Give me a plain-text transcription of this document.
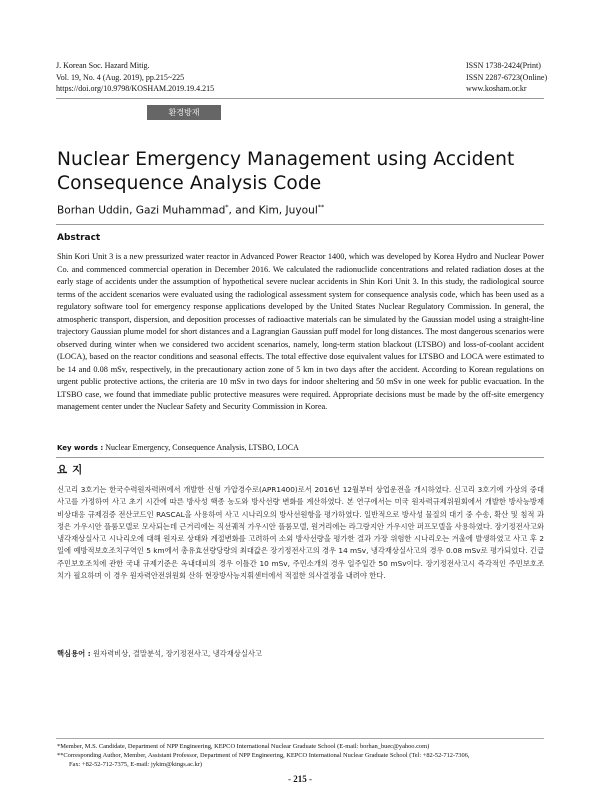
J. Korean Soc. Hazard Mitig.
Vol. 19, No. 4 (Aug. 2019), pp.215~225
https://doi.org/10.9798/KOSHAM.2019.19.4.215
ISSN 1738-2424(Print)
ISSN 2287-6723(Online)
www.kosham.or.kr
환경방재
Nuclear Emergency Management using Accident
Consequence Analysis Code
Borhan Uddin, Gazi Muhammad*, and Kim, Juyoul**
Abstract
Shin Kori Unit 3 is a new pressurized water reactor in Advanced Power Reactor 1400, which was developed by Korea Hydro and Nuclear Power Co. and commenced commercial operation in December 2016. We calculated the radionuclide concentrations and related radiation doses at the early stage of accidents under the assumption of hypothetical severe nuclear accidents in Shin Kori Unit 3. In this study, the radiological source terms of the accident scenarios were evaluated using the radiological assessment system for consequence analysis code, which has been used as a regulatory software tool for emergency response applications developed by the United States Nuclear Regulatory Commission. In general, the atmospheric transport, dispersion, and deposition processes of radioactive materials can be simulated by the Gaussian model using a straight-line trajectory Gaussian plume model for short distances and a Lagrangian Gaussian puff model for long distances. The most dangerous scenarios were observed during winter when we considered two accident scenarios, namely, long-term station blackout (LTSBO) and loss-of-coolant accident (LOCA), based on the reactor conditions and seasonal effects. The total effective dose equivalent values for LTSBO and LOCA were estimated to be 14 and 0.08 mSv, respectively, in the precautionary action zone of 5 km in two days after the accident. According to Korean regulations on urgent public protective actions, the criteria are 10 mSv in two days for indoor sheltering and 50 mSv in one week for public evacuation. In the LTSBO case, we found that immediate public protective measures were required. Appropriate decisions must be made by the off-site emergency management center under the Nuclear Safety and Security Commission in Korea.
Key words : Nuclear Emergency, Consequence Analysis, LTSBO, LOCA
요지
신고리 3호기는 한국수력원자력㈜에서 개발한 신형 가압경수로(APR1400)로서 2016년 12월부터 상업운전을 개시하였다. 신고리 3호기에 가상의 중대사고를 가정하여 사고 초기 시간에 따른 방사성 핵종 농도와 방사선량 변화를 계산하였다. 본 연구에서는 미국 원자력규제위원회에서 개발한 방사능방재 비상대응 규제검증 전산코드인 RASCAL을 사용하여 사고 시나리오의 방사선원항을 평가하였다. 일반적으로 방사성 물질의 대기 중 수송, 확산 및 침적 과정은 가우시안 플룸모델로 모사되는데 근거리에는 직선궤적 가우시안 플룸모델, 원거리에는 라그랑지안 가우시안 퍼프모델을 사용하였다. 장기정전사고와 냉각재상실사고 시나리오에 대해 원자로 상태와 계절변화를 고려하여 소외 방사선량을 평가한 결과 가장 위험한 시나리오는 겨울에 발생하였고 사고 후 2일에 예방적보호조치구역인 5 km에서 총유효선량당량의 최대값은 장기정전사고의 경우 14 mSv, 냉각재상실사고의 경우 0.08 mSv로 평가되었다. 긴급주민보호조치에 관한 국내 규제기준은 옥내대피의 경우 이틀간 10 mSv, 주민소개의 경우 일주일간 50 mSv이다. 장기정전사고시 즉각적인 주민보호조치가 필요하며 이 경우 원자력안전위원회 산하 현장방사능지휘센터에서 적절한 의사결정을 내려야 한다.
핵심용어 : 원자력비상, 결말분석, 장기정전사고, 냉각재상실사고
*Member, M.S. Candidate, Department of NPP Engineering, KEPCO International Nuclear Graduate School (E-mail: borhan_buec@yahoo.com)
**Corresponding Author, Member, Assistant Professor, Department of NPP Engineering, KEPCO International Nuclear Graduate School (Tel: +82-52-712-7306,
Fax: +82-52-712-7375, E-mail: jykim@kings.ac.kr)
- 215 -
